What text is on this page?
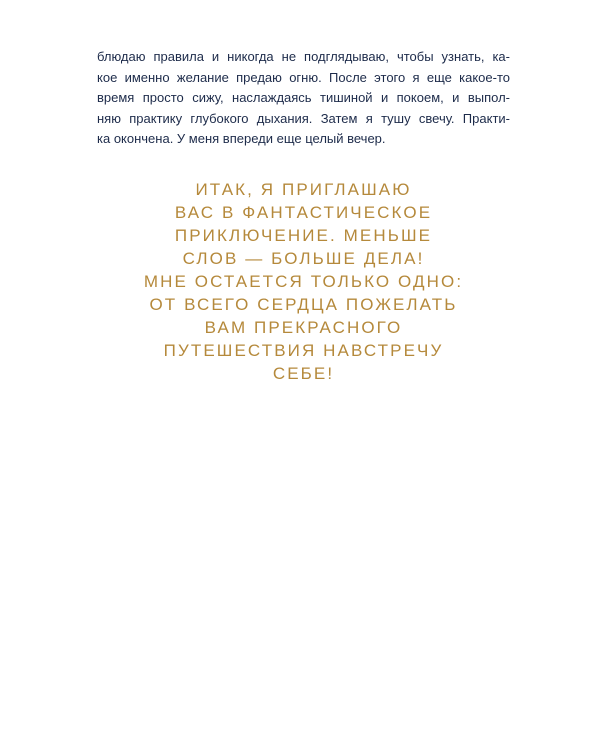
блюдаю правила и никогда не подглядываю, чтобы узнать, ка-
кое именно желание предаю огню. После этого я еще какое-то
время просто сижу, наслаждаясь тишиной и покоем, и выпол-
няю практику глубокого дыхания. Затем я тушу свечу. Практи-
ка окончена. У меня впереди еще целый вечер.
ИТАК, Я ПРИГЛАШАЮ
ВАС В ФАНТАСТИЧЕСКОЕ
ПРИКЛЮЧЕНИЕ. МЕНЬШЕ
СЛОВ — БОЛЬШЕ ДЕЛА!
МНЕ ОСТАЕТСЯ ТОЛЬКО ОДНО:
ОТ ВСЕГО СЕРДЦА ПОЖЕЛАТЬ
ВАМ ПРЕКРАСНОГО
ПУТЕШЕСТВИЯ НАВСТРЕЧУ
СЕБЕ!
